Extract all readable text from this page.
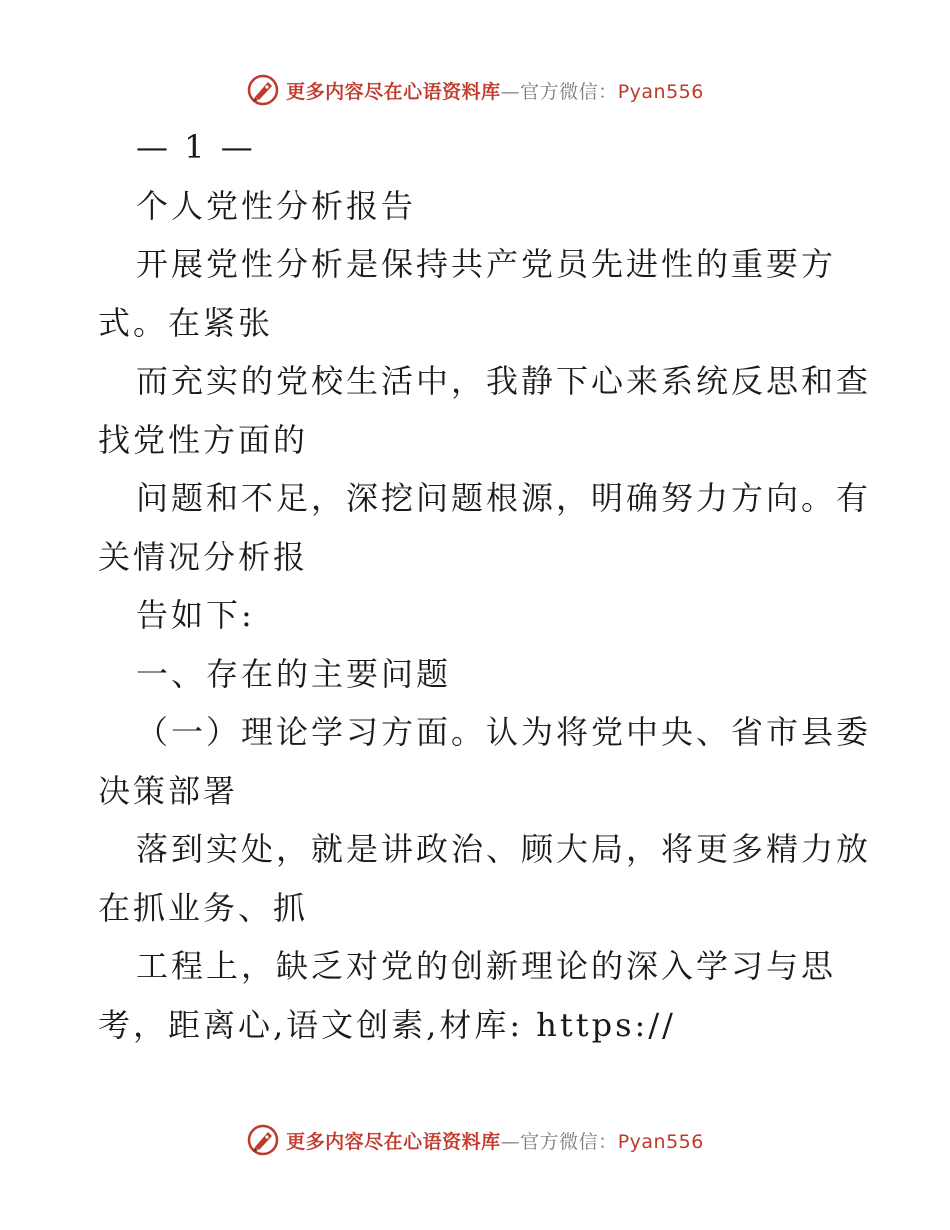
更多内容尽在心语资料库—官方微信：Pyan556
— 1 —
个人党性分析报告
开展党性分析是保持共产党员先进性的重要方
式。在紧张
而充实的党校生活中，我静下心来系统反思和查
找党性方面的
问题和不足，深挖问题根源，明确努力方向。有
关情况分析报
告如下:
一、存在的主要问题
（一）理论学习方面。认为将党中央、省市县委
决策部署
落到实处，就是讲政治、顾大局，将更多精力放
在抓业务、抓
工程上，缺乏对党的创新理论的深入学习与思
考，距离心,语文创素,材库: https://
更多内容尽在心语资料库—官方微信：Pyan556
